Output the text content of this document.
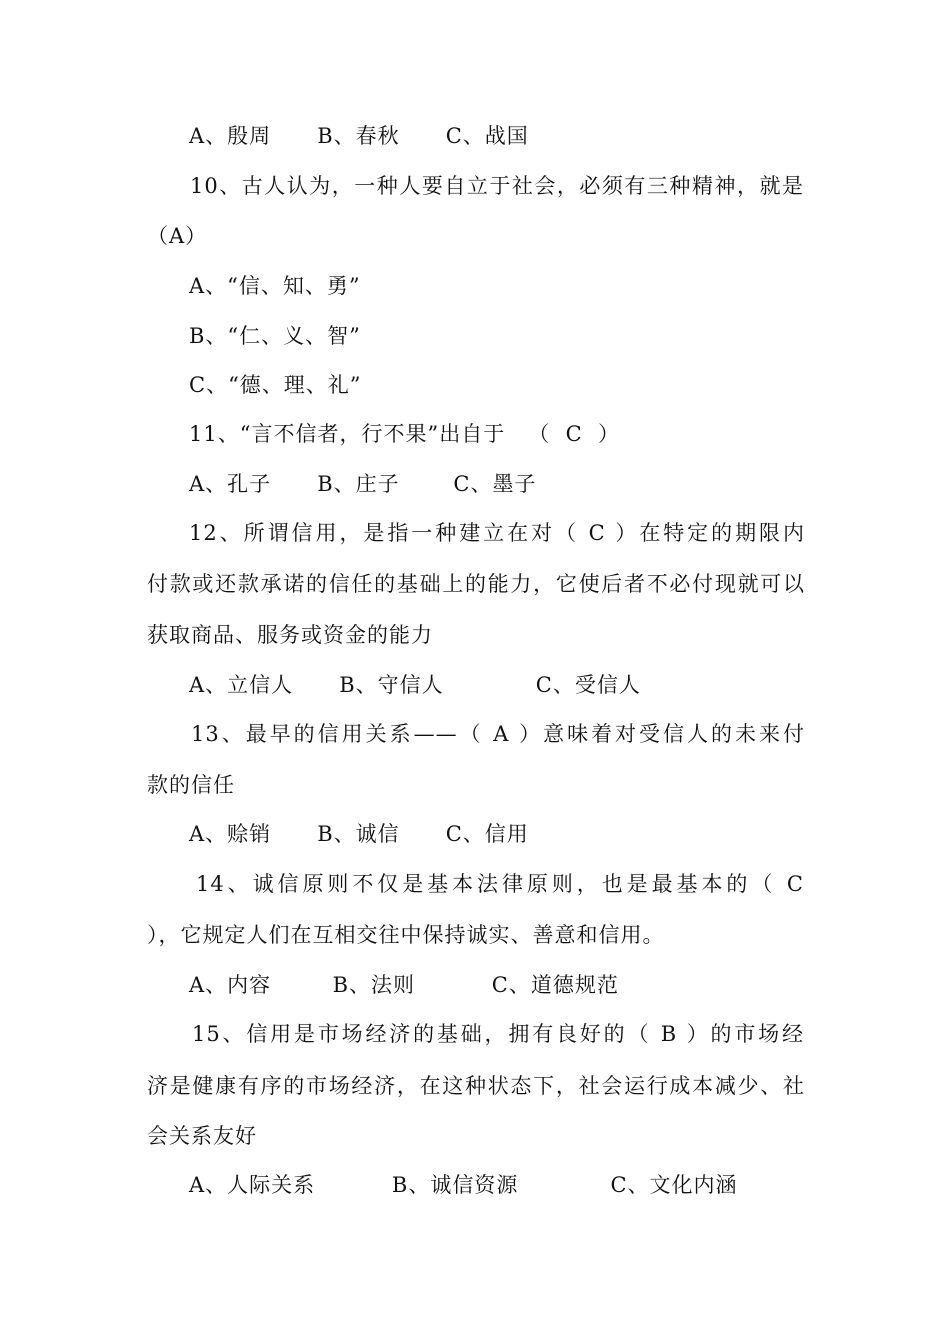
A、殷周      B、春秋      C、战国

10、古人认为，一种人要自立于社会，必须有三种精神，就是

（A）

A、“信、知、勇”

B、“仁、义、智”

C、“德、理、礼”

11、“言不信者，行不果”出自于   （  C  ）

A、孔子      B、庄子       C、墨子

12、所谓信用，是指一种建立在对（ C ）在特定的期限内

付款或还款承诺的信任的基础上的能力，它使后者不必付现就可以

获取商品、服务或资金的能力

A、立信人      B、守信人            C、受信人

13、最早的信用关系——（ A ）意味着对受信人的未来付

款的信任

A、赊销      B、诚信      C、信用

14、诚信原则不仅是基本法律原则，也是最基本的（ C

），它规定人们在互相交往中保持诚实、善意和信用。

A、内容        B、法则          C、道德规范

15、信用是市场经济的基础，拥有良好的（ B ）的市场经

济是健康有序的市场经济，在这种状态下，社会运行成本减少、社

会关系友好

A、人际关系          B、诚信资源            C、文化内涵
